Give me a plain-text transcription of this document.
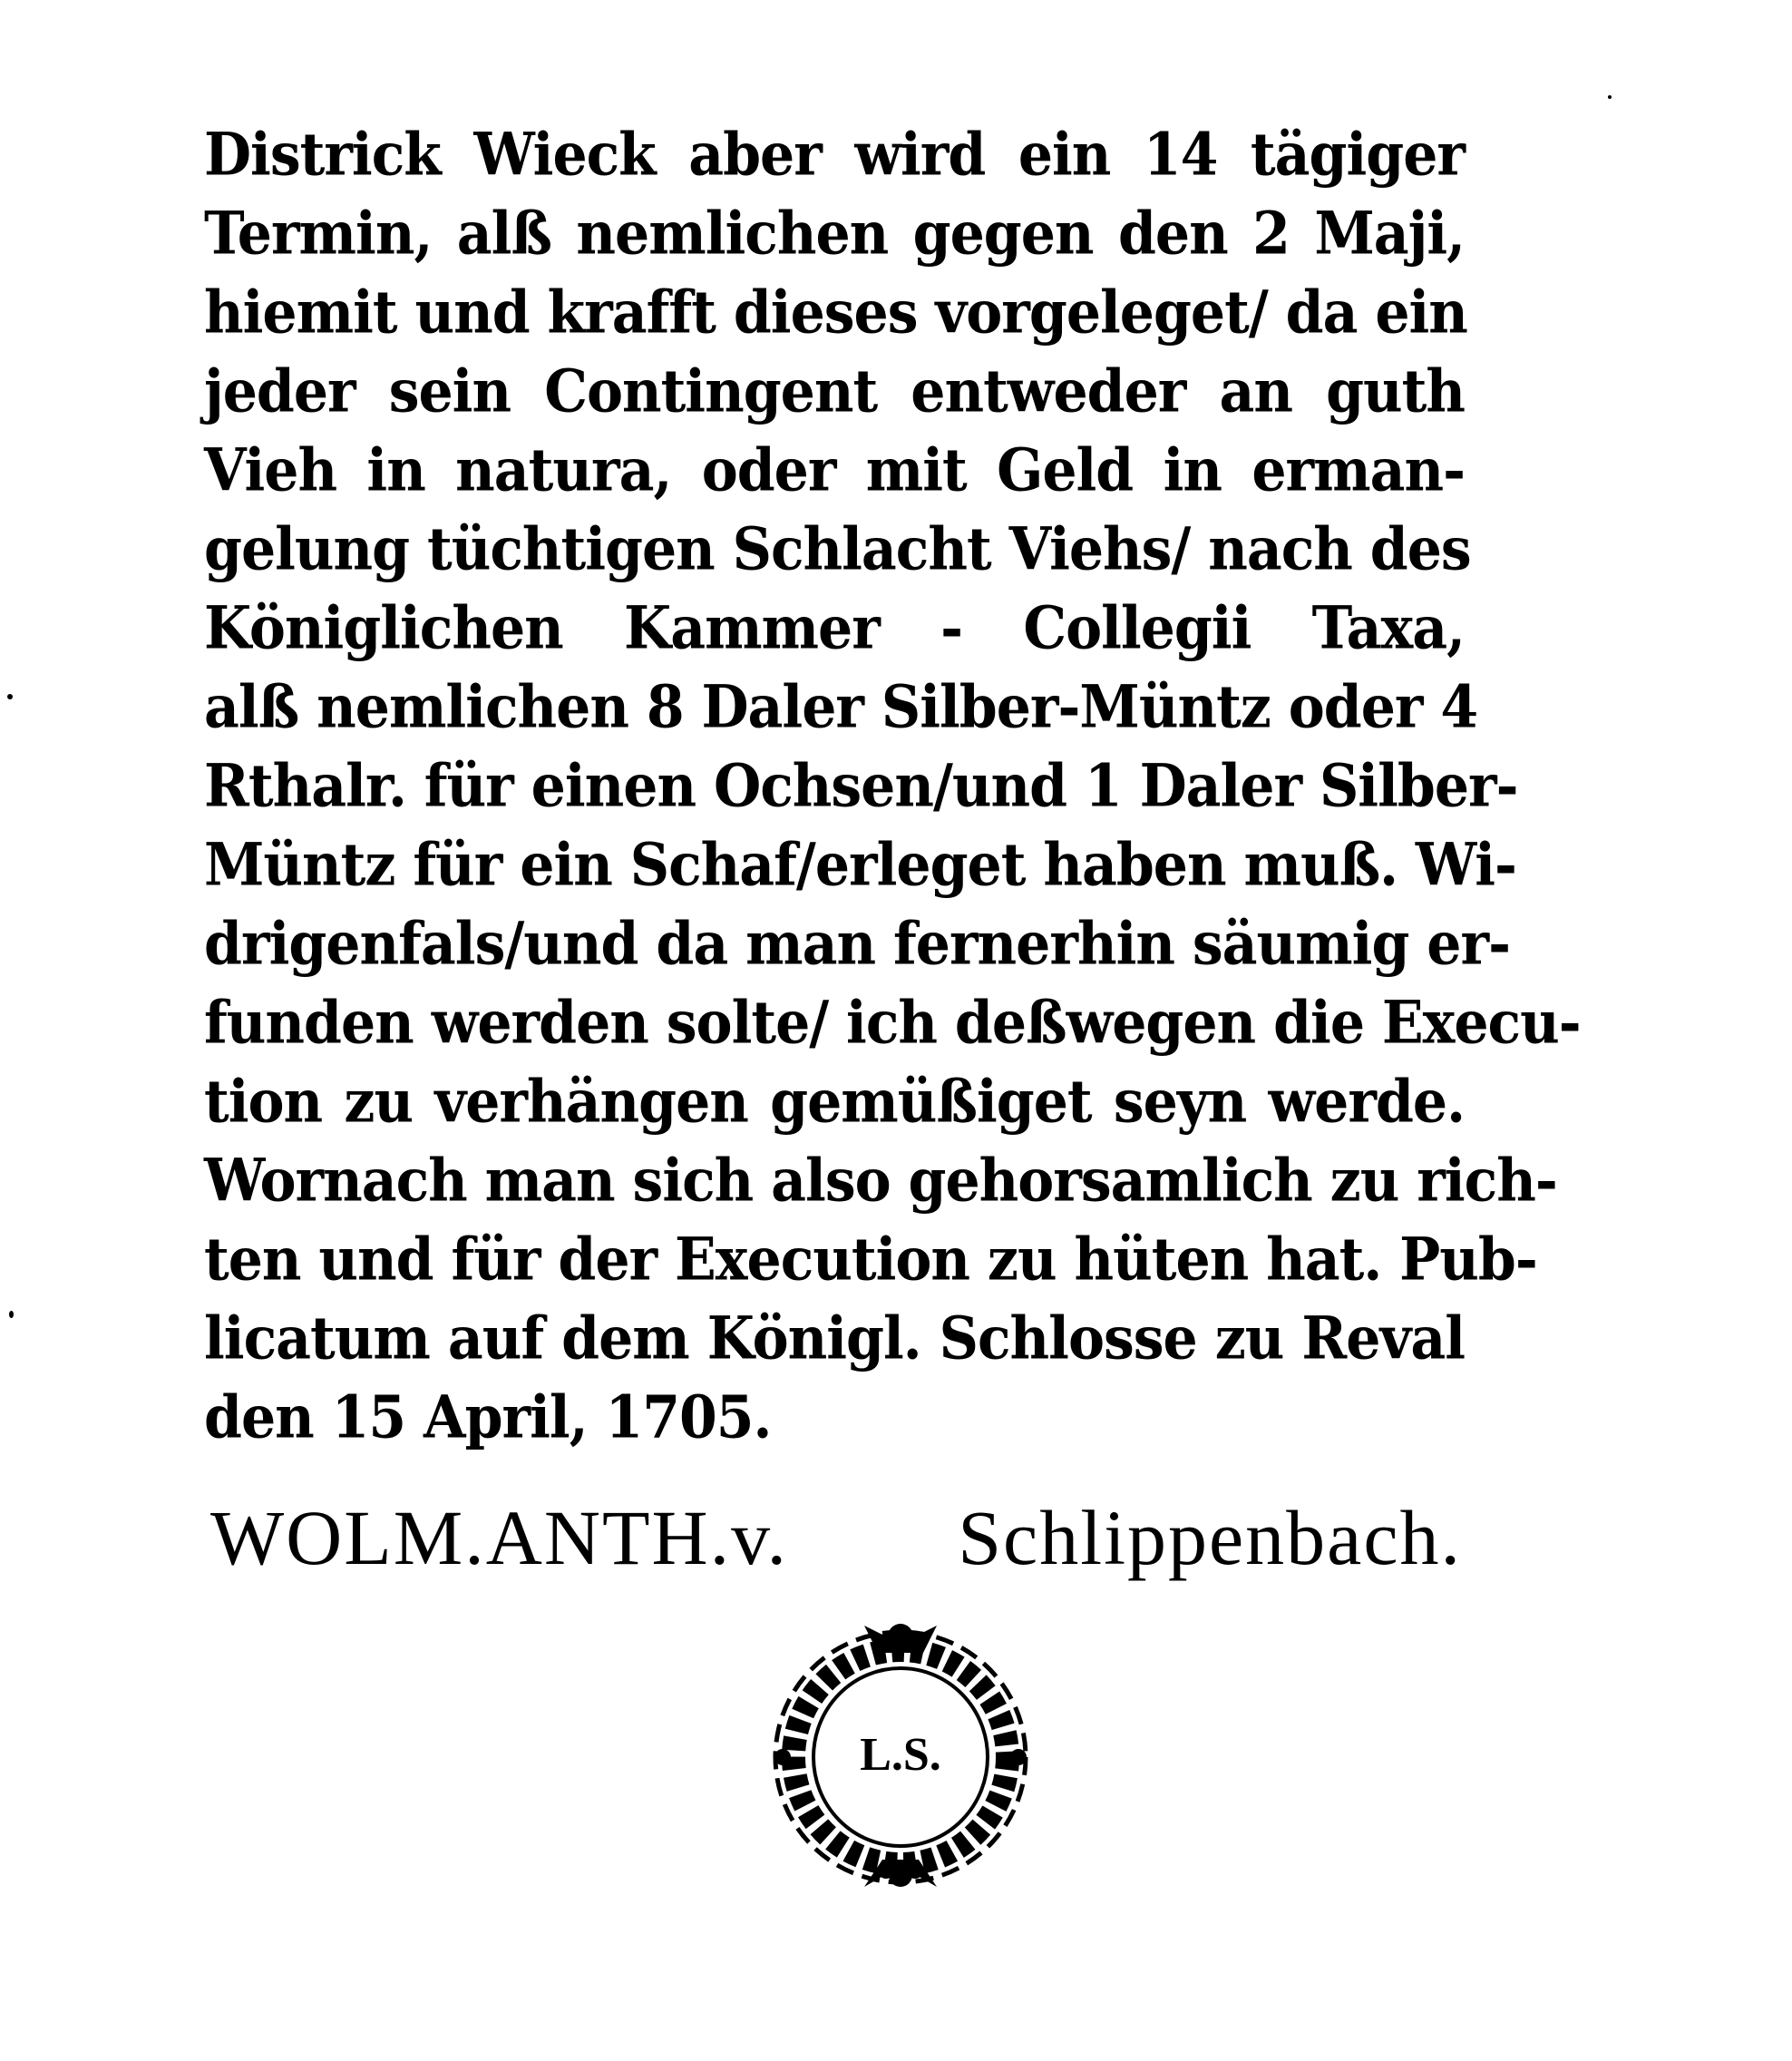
Districk Wieck aber wird ein 14 tägiger
Termin, alß nemlichen gegen den 2 Maji,
hiemit und krafft dieses vorgeleget/ da ein
jeder sein Contingent entweder an guth
Vieh in natura, oder mit Geld in erman-
gelung tüchtigen Schlacht Viehs/ nach des
Königlichen Kammer - Collegii Taxa,
alß nemlichen 8 Daler Silber-Müntz oder 4
Rthalr. für einen Ochsen/und 1 Daler Silber-
Müntz für ein Schaf/erleget haben muß. Wi-
drigenfals/und da man fernerhin säumig er-
funden werden solte/ ich deßwegen die Execu-
tion zu verhängen gemüßiget seyn werde.
Wornach man sich also gehorsamlich zu rich-
ten und für der Execution zu hüten hat. Pub-
licatum auf dem Königl. Schlosse zu Reval
den 15 April, 1705.
WOLM.ANTH.v. Schlippenbach.
L.S.
